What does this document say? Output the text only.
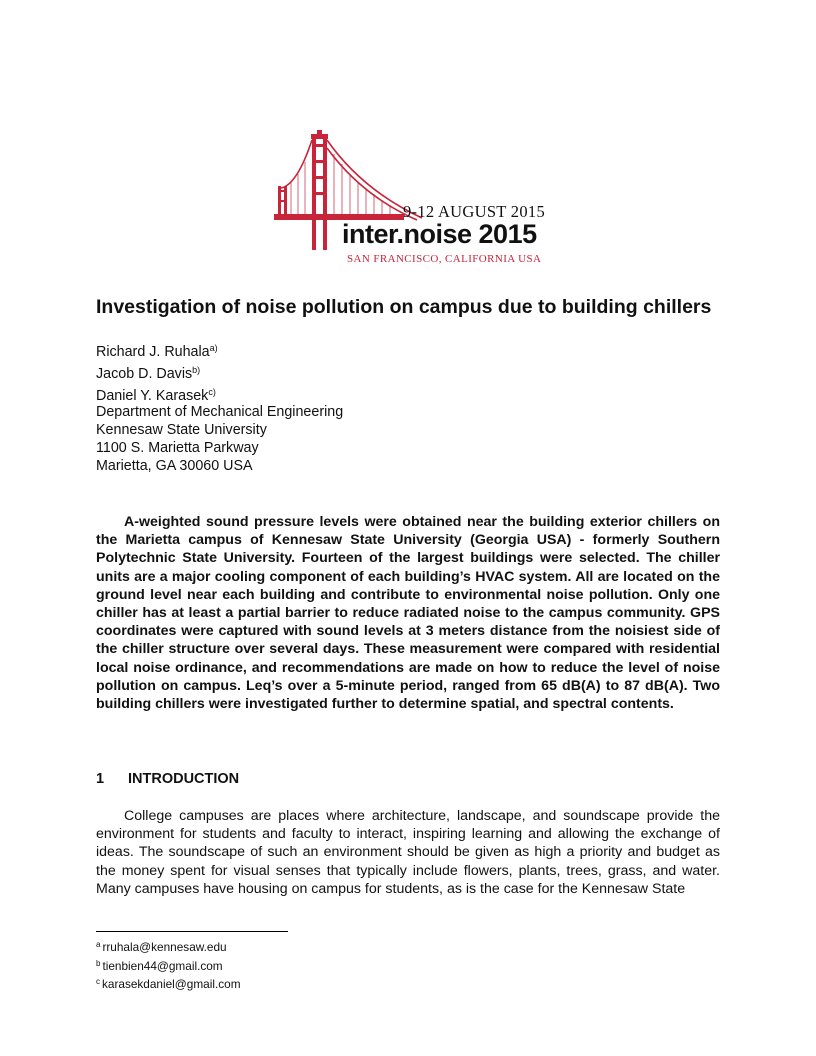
9-12 AUGUST 2015
inter.noise 2015
SAN FRANCISCO, CALIFORNIA USA
Investigation of noise pollution on campus due to building chillers
Richard J. Ruhala$^{a)}$
Jacob D. Davis$^{b)}$
Daniel Y. Karasek$^{c)}$
Department of Mechanical Engineering
Kennesaw State University
1100 S. Marietta Parkway
Marietta, GA 30060 USA

A-weighted sound pressure levels were obtained near the building exterior chillers on the Marietta campus of Kennesaw State University (Georgia USA) - formerly Southern Polytechnic State University. Fourteen of the largest buildings were selected. The chiller units are a major cooling component of each building’s HVAC system. All are located on the ground level near each building and contribute to environmental noise pollution. Only one chiller has at least a partial barrier to reduce radiated noise to the campus community. GPS coordinates were captured with sound levels at 3 meters distance from the noisiest side of the chiller structure over several days. These measurement were compared with residential local noise ordinance, and recommendations are made on how to reduce the level of noise pollution on campus. Leq’s over a 5-minute period, ranged from 65 dB(A) to 87 dB(A). Two building chillers were investigated further to determine spatial, and spectral contents.

1 INTRODUCTION

College campuses are places where architecture, landscape, and soundscape provide the environment for students and faculty to interact, inspiring learning and allowing the exchange of ideas. The soundscape of such an environment should be given as high a priority and budget as the money spent for visual senses that typically include flowers, plants, trees, grass, and water. Many campuses have housing on campus for students, as is the case for the Kennesaw State

$^a$ rruhala@kennesaw.edu
$^b$ tienbien44@gmail.com
$^c$ karasekdaniel@gmail.com
